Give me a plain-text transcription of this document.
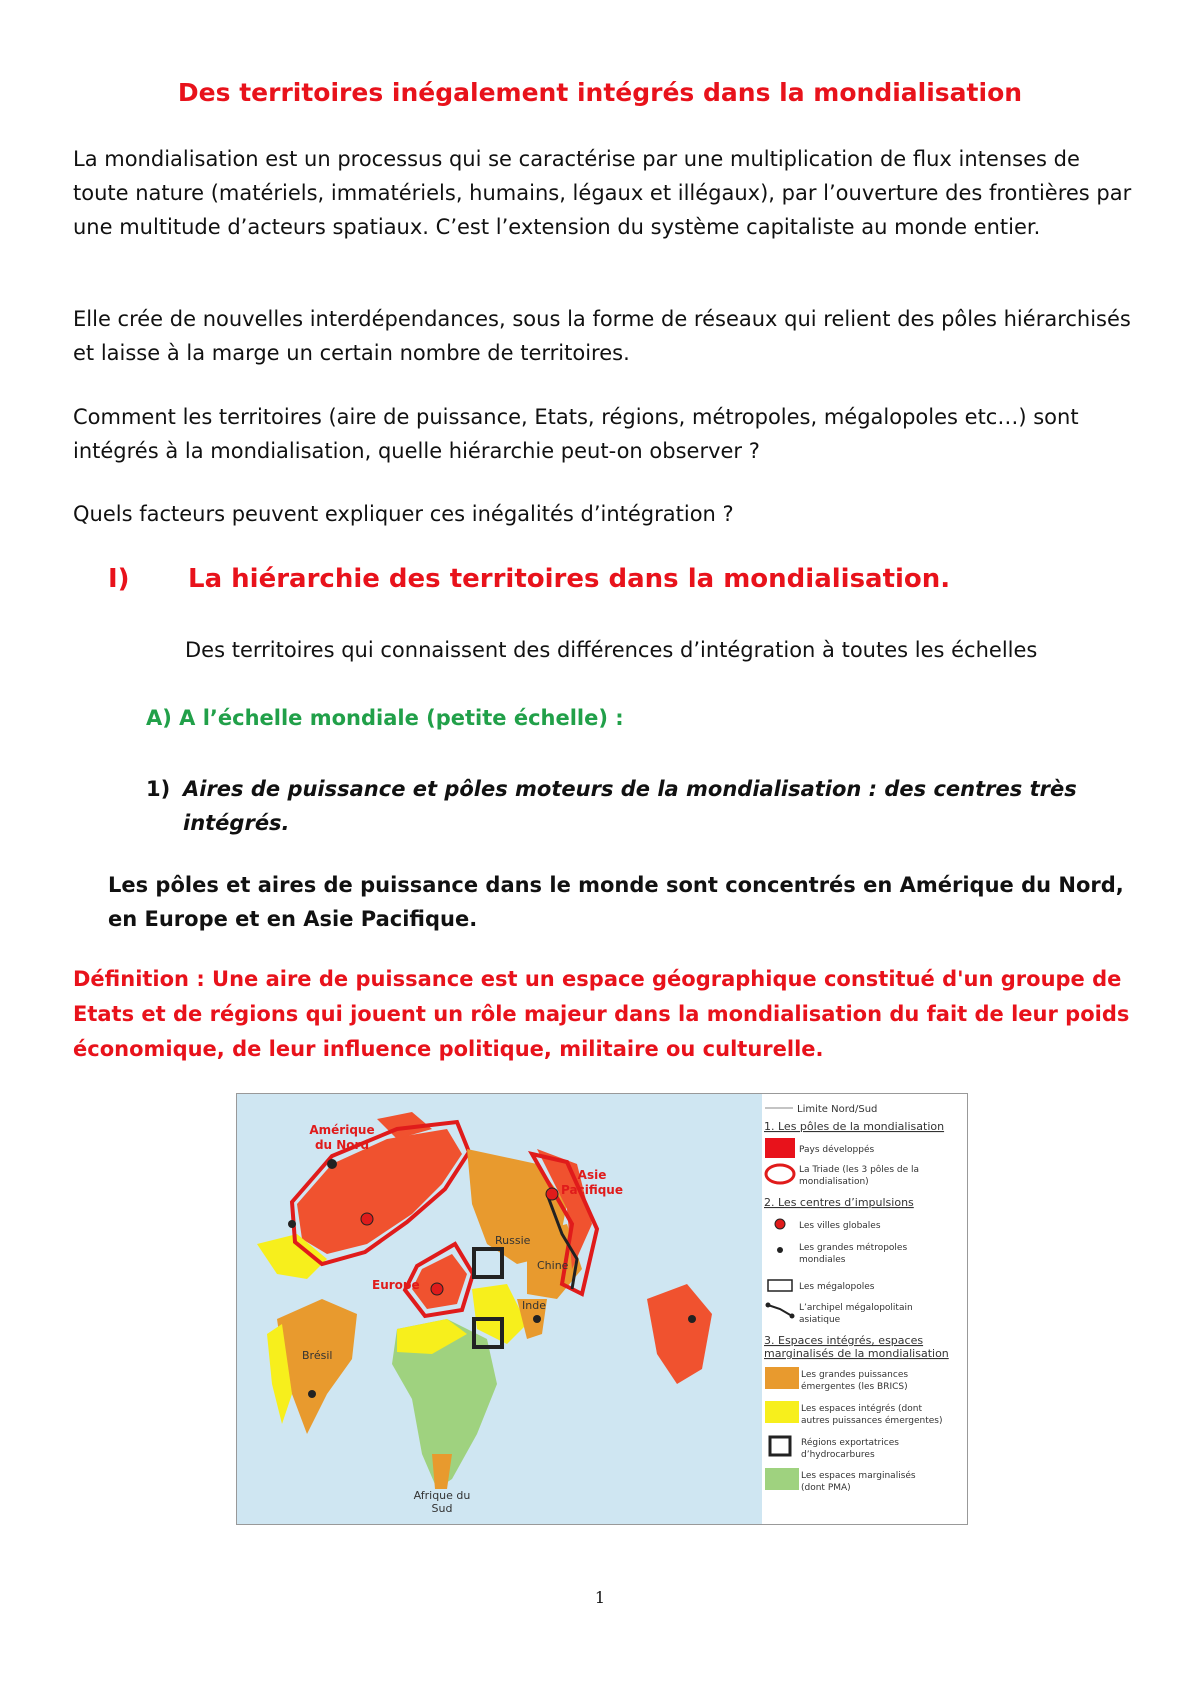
Des territoires inégalement intégrés dans la mondialisation
La mondialisation est un processus qui se caractérise par une multiplication de flux intenses de toute nature (matériels, immatériels, humains, légaux et illégaux), par l’ouverture des frontières par une multitude d’acteurs spatiaux. C’est l’extension du système capitaliste au monde entier.
Elle crée de nouvelles interdépendances, sous la forme de réseaux qui relient des pôles hiérarchisés et laisse à la marge un certain nombre de territoires.
Comment les territoires (aire de puissance, Etats, régions, métropoles, mégalopoles etc…) sont intégrés à la mondialisation, quelle hiérarchie peut-on observer ?
Quels facteurs peuvent expliquer ces inégalités d’intégration ?
I) La hiérarchie des territoires dans la mondialisation.
Des territoires qui connaissent des différences d’intégration à toutes les échelles
A) A l’échelle mondiale (petite échelle) :
1) Aires de puissance et pôles moteurs de la mondialisation : des centres très intégrés.
Les pôles et aires de puissance dans le monde sont concentrés en Amérique du Nord, en Europe et en Asie Pacifique.
Définition : Une aire de puissance est un espace géographique constitué d'un groupe de Etats et de régions qui jouent un rôle majeur dans la mondialisation du fait de leur poids économique, de leur influence politique, militaire ou culturelle.
Amérique
du Nord
Asie
Pacifique
Russie
Chine
Europe
Inde
Brésil
Afrique du
Sud
Limite Nord/Sud
1. Les pôles de la mondialisation
Pays développés
La Triade (les 3 pôles de la
mondialisation)
2. Les centres d’impulsions
Les villes globales
Les grandes métropoles
mondiales
Les mégalopoles
L’archipel mégalopolitain
asiatique
3. Espaces intégrés, espaces
marginalisés de la mondialisation
Les grandes puissances
émergentes (les BRICS)
Les espaces intégrés (dont
autres puissances émergentes)
Régions exportatrices
d’hydrocarbures
Les espaces marginalisés
(dont PMA)
1
